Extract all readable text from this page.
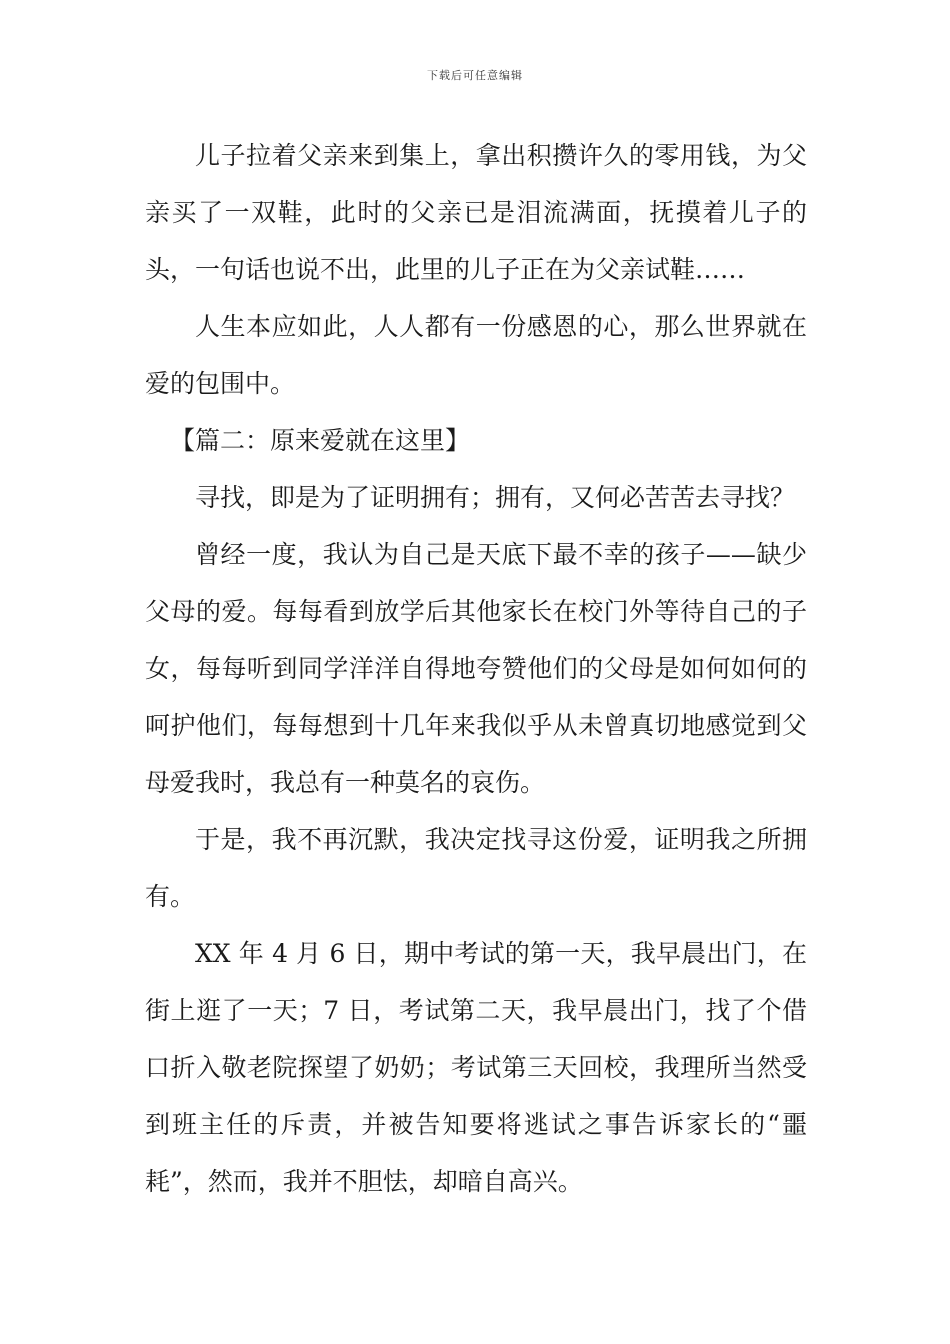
下载后可任意编辑

儿子拉着父亲来到集上，拿出积攒许久的零用钱，为父亲买了一双鞋，此时的父亲已是泪流满面，抚摸着儿子的头，一句话也说不出，此里的儿子正在为父亲试鞋……

人生本应如此，人人都有一份感恩的心，那么世界就在爱的包围中。

【篇二：原来爱就在这里】

寻找，即是为了证明拥有；拥有，又何必苦苦去寻找？

曾经一度，我认为自己是天底下最不幸的孩子——缺少父母的爱。每每看到放学后其他家长在校门外等待自己的子女，每每听到同学洋洋自得地夸赞他们的父母是如何如何的呵护他们，每每想到十几年来我似乎从未曾真切地感觉到父母爱我时，我总有一种莫名的哀伤。

于是，我不再沉默，我决定找寻这份爱，证明我之所拥有。

XX 年 4 月 6 日，期中考试的第一天，我早晨出门，在街上逛了一天；7 日，考试第二天，我早晨出门，找了个借口折入敬老院探望了奶奶；考试第三天回校，我理所当然受到班主任的斥责，并被告知要将逃试之事告诉家长的“噩耗”，然而，我并不胆怯，却暗自高兴。
